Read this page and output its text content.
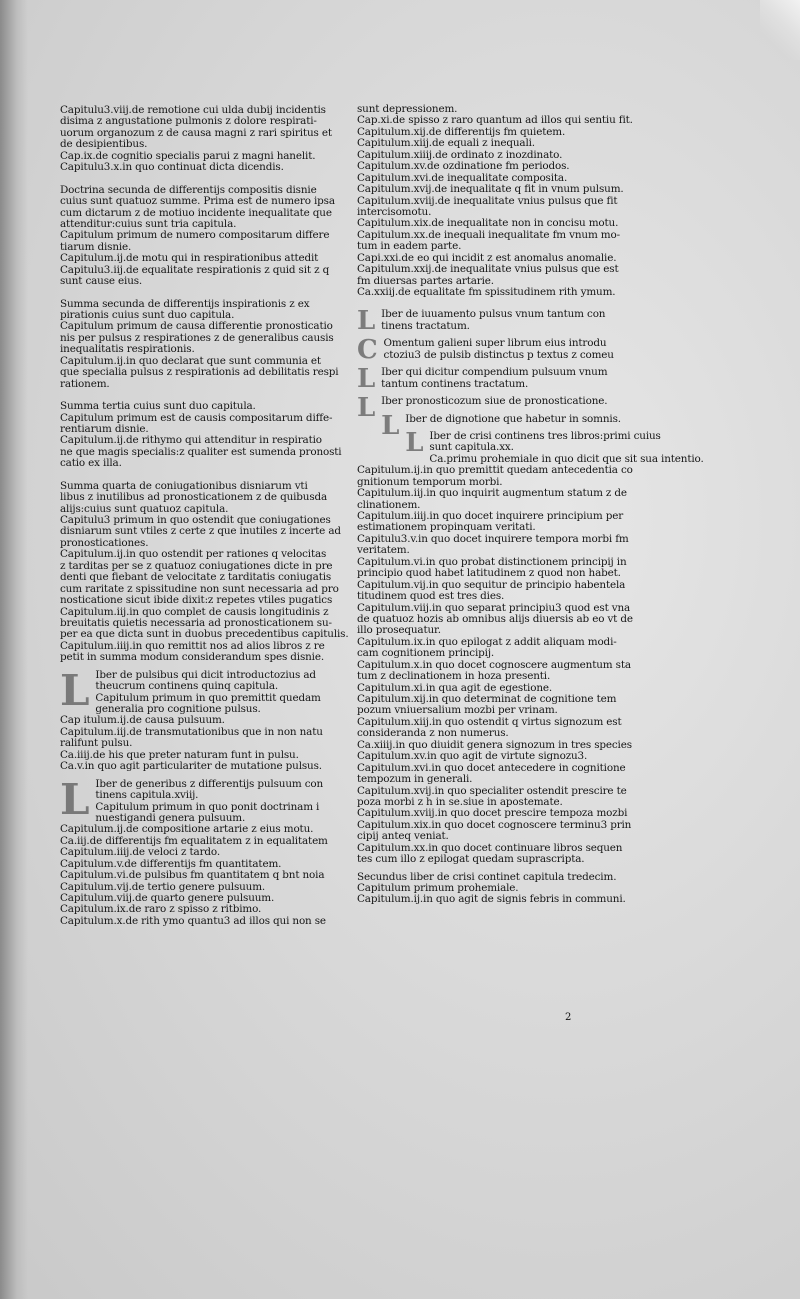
Capitulu3.viij.de remotione cui ulda dubij incidentis
disima z angustatione pulmonis z dolore respirati-
uorum organozum z de causa magni z rari spiritus et
de desipientibus.
Cap.ix.de cognitio specialis parui z magni hanelit.
Capitulu3.x.in quo continuat dicta dicendis.
Doctrina secunda de differentijs compositis disnie
cuius sunt quatuoz summe. Prima est de numero ipsa
cum dictarum z de motiuo incidente inequalitate que
attenditur:cuius sunt tria capitula.
Capitulum primum de numero compositarum differe
tiarum disnie.
Capitulum.ij.de motu qui in respirationibus attedit
Capitulu3.iij.de equalitate respirationis z quid sit z q
sunt cause eius.
Summa secunda de differentijs inspirationis z ex
pirationis cuius sunt duo capitula.
Capitulum primum de causa differentie pronosticatio
nis per pulsus z respirationes z de generalibus causis
inequalitatis respirationis.
Capitulum.ij.in quo declarat que sunt communia et
que specialia pulsus z respirationis ad debilitatis respi
rationem.
Summa tertia cuius sunt duo capitula.
Capitulum primum est de causis compositarum diffe-
rentiarum disnie.
Capitulum.ij.de rithymo qui attenditur in respiratio
ne que magis specialis:z qualiter est sumenda pronosti
catio ex illa.
Summa quarta de coniugationibus disniarum vti
libus z inutilibus ad pronosticationem z de quibusda
alijs:cuius sunt quatuoz capitula.
Capitulu3 primum in quo ostendit que coniugationes
disniarum sunt vtiles z certe z que inutiles z incerte ad
pronosticationes.
Capitulum.ij.in quo ostendit per rationes q velocitas
z tarditas per se z quatuoz coniugationes dicte in pre
denti que fiebant de velocitate z tarditatis coniugatis
cum raritate z spissitudine non sunt necessaria ad pro
nosticatione sicut ibide dixit:z repetes vtiles pugatics
Capitulum.iij.in quo complet de causis longitudinis z
breuitatis quietis necessaria ad pronosticationem su-
per ea que dicta sunt in duobus precedentibus capitulis.
Capitulum.iiij.in quo remittit nos ad alios libros z re
petit in summa modum considerandum spes disnie.
L Iber de pulsibus qui dicit introductozius ad
theucrum continens quinq capitula.
Capitulum primum in quo premittit quedam
generalia pro cognitione pulsus.
Cap itulum.ij.de causa pulsuum.
Capitulum.iij.de transmutationibus que in non natu
ralifunt pulsu.
Ca.iiij.de his que preter naturam funt in pulsu.
Ca.v.in quo agit particulariter de mutatione pulsus.
L Iber de generibus z differentijs pulsuum con
tinens capitula.xviij.
Capitulum primum in quo ponit doctrinam i
nuestigandi genera pulsuum.
Capitulum.ij.de compositione artarie z eius motu.
Ca.iij.de differentijs fm equalitatem z in equalitatem
Capitulum.iiij.de veloci z tardo.
Capitulum.v.de differentijs fm quantitatem.
Capitulum.vi.de pulsibus fm quantitatem q bnt noia
Capitulum.vij.de tertio genere pulsuum.
Capitulum.viij.de quarto genere pulsuum.
Capitulum.ix.de raro z spisso z ritbimo.
Capitulum.x.de rith ymo quantu3 ad illos qui non se
sunt depressionem.
Cap.xi.de spisso z raro quantum ad illos qui sentiu fit.
Capitulum.xij.de differentijs fm quietem.
Capitulum.xiij.de equali z inequali.
Capitulum.xiiij.de ordinato z inozdinato.
Capitulum.xv.de ozdinatione fm periodos.
Capitulum.xvi.de inequalitate composita.
Capitulum.xvij.de inequalitate q fit in vnum pulsum.
Capitulum.xviij.de inequalitate vnius pulsus que fit
intercisomotu.
Capitulum.xix.de inequalitate non in concisu motu.
Capitulum.xx.de inequali inequalitate fm vnum mo-
tum in eadem parte.
Capi.xxi.de eo qui incidit z est anomalus anomalie.
Capitulum.xxij.de inequalitate vnius pulsus que est
fm diuersas partes artarie.
Ca.xxiij.de equalitate fm spissitudinem rith ymum.
L Iber de iuuamento pulsus vnum tantum con
tinens tractatum.
C Omentum galieni super librum eius introdu
ctoziu3 de pulsib distinctus p textus z comeu
L Iber qui dicitur compendium pulsuum vnum
tantum continens tractatum.
L Iber pronosticozum siue de pronosticatione.
L Iber de dignotione que habetur in somnis.
L Iber de crisi continens tres libros:primi cuius
sunt capitula.xx.
Ca.primu prohemiale in quo dicit que sit sua intentio.
Capitulum.ij.in quo premittit quedam antecedentia co
gnitionum temporum morbi.
Capitulum.iij.in quo inquirit augmentum statum z de
clinationem.
Capitulum.iiij.in quo docet inquirere principium per
estimationem propinquam veritati.
Capitulu3.v.in quo docet inquirere tempora morbi fm
veritatem.
Capitulum.vi.in quo probat distinctionem principij in
principio quod habet latitudinem z quod non habet.
Capitulum.vij.in quo sequitur de principio habentela
titudinem quod est tres dies.
Capitulum.viij.in quo separat principiu3 quod est vna
de quatuoz hozis ab omnibus alijs diuersis ab eo vt de
illo prosequatur.
Capitulum.ix.in quo epilogat z addit aliquam modi-
cam cognitionem principij.
Capitulum.x.in quo docet cognoscere augmentum sta
tum z declinationem in hoza presenti.
Capitulum.xi.in qua agit de egestione.
Capitulum.xij.in quo determinat de cognitione tem
pozum vniuersalium mozbi per vrinam.
Capitulum.xiij.in quo ostendit q virtus signozum est
consideranda z non numerus.
Ca.xiiij.in quo diuidit genera signozum in tres species
Capitulum.xv.in quo agit de virtute signozu3.
Capitulum.xvi.in quo docet antecedere in cognitione
tempozum in generali.
Capitulum.xvij.in quo specialiter ostendit prescire te
poza morbi z h in se.siue in apostemate.
Capitulum.xviij.in quo docet prescire tempoza mozbi
Capitulum.xix.in quo docet cognoscere terminu3 prin
cipij anteq veniat.
Capitulum.xx.in quo docet continuare libros sequen
tes cum illo z epilogat quedam suprascripta.
Secundus liber de crisi continet capitula tredecim.
Capitulum primum prohemiale.
Capitulum.ij.in quo agit de signis febris in communi.
2
